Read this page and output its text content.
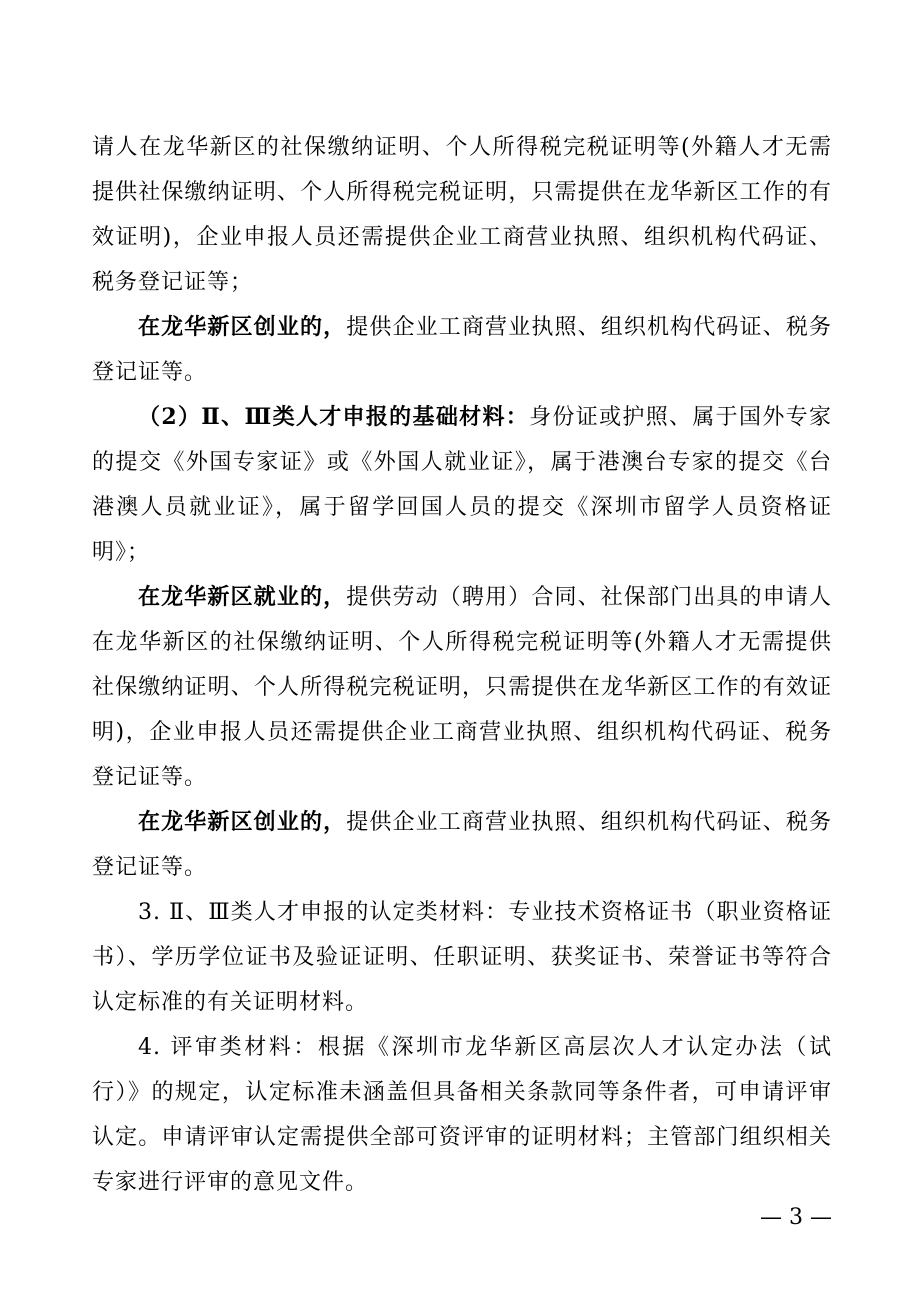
请人在龙华新区的社保缴纳证明、个人所得税完税证明等(外籍人才无需提供社保缴纳证明、个人所得税完税证明，只需提供在龙华新区工作的有效证明)，企业申报人员还需提供企业工商营业执照、组织机构代码证、税务登记证等；

在龙华新区创业的，提供企业工商营业执照、组织机构代码证、税务登记证等。

（2）Ⅱ、Ⅲ类人才申报的基础材料：身份证或护照、属于国外专家的提交《外国专家证》或《外国人就业证》，属于港澳台专家的提交《台港澳人员就业证》，属于留学回国人员的提交《深圳市留学人员资格证明》；

在龙华新区就业的，提供劳动（聘用）合同、社保部门出具的申请人在龙华新区的社保缴纳证明、个人所得税完税证明等(外籍人才无需提供社保缴纳证明、个人所得税完税证明，只需提供在龙华新区工作的有效证明)，企业申报人员还需提供企业工商营业执照、组织机构代码证、税务登记证等。

在龙华新区创业的，提供企业工商营业执照、组织机构代码证、税务登记证等。

3. Ⅱ、Ⅲ类人才申报的认定类材料：专业技术资格证书（职业资格证书）、学历学位证书及验证证明、任职证明、获奖证书、荣誉证书等符合认定标准的有关证明材料。

4. 评审类材料：根据《深圳市龙华新区高层次人才认定办法（试行）》的规定，认定标准未涵盖但具备相关条款同等条件者，可申请评审认定。申请评审认定需提供全部可资评审的证明材料；主管部门组织相关专家进行评审的意见文件。

— 3 —
